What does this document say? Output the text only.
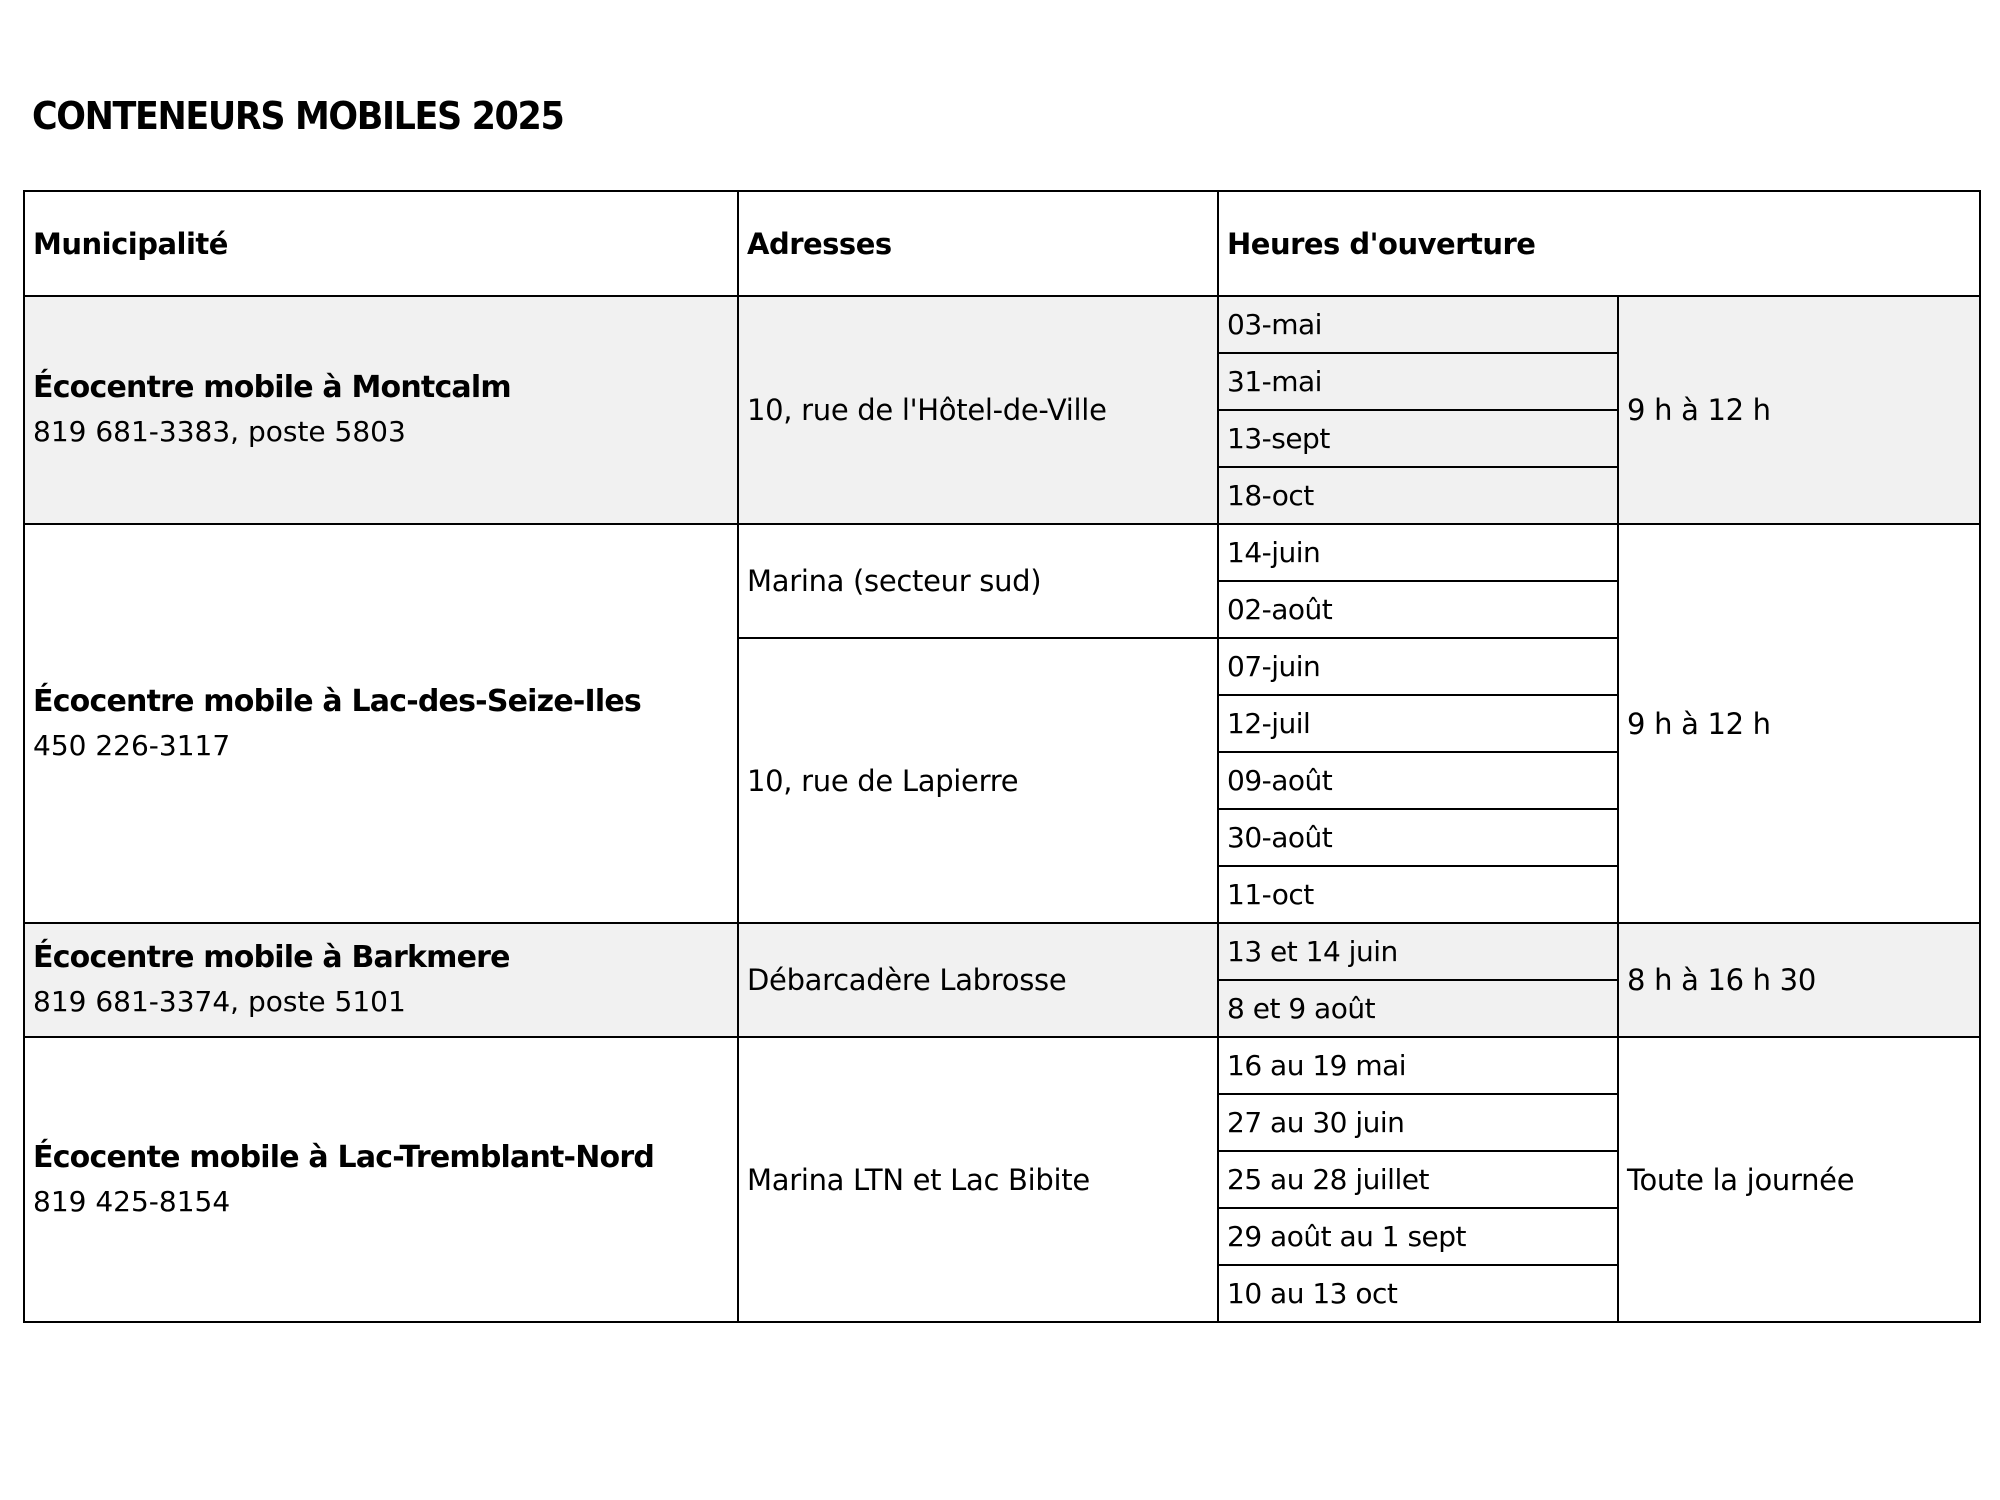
CONTENEURS MOBILES 2025
Municipalité	Adresses	Heures d'ouverture	

Écocentre mobile à Montcalm
819 681-3383, poste 5803	10, rue de l'Hôtel-de-Ville	03-mai	9 h à 12 h
		31-mai	
		13-sept	
		18-oct	

Écocentre mobile à Lac-des-Seize-Iles
450 226-3117	Marina (secteur sud)	14-juin	9 h à 12 h
		02-août	
	10, rue de Lapierre	07-juin	
		12-juil	
		09-août	
		30-août	
		11-oct	

Écocentre mobile à Barkmere
819 681-3374, poste 5101	Débarcadère Labrosse	13 et 14 juin	8 h à 16 h 30
		8 et 9 août	

Écocente mobile à Lac-Tremblant-Nord
819 425-8154	Marina LTN et Lac Bibite	16 au 19 mai	Toute la journée
		27 au 30 juin	
		25 au 28 juillet	
		29 août au 1 sept	
		10 au 13 oct	
